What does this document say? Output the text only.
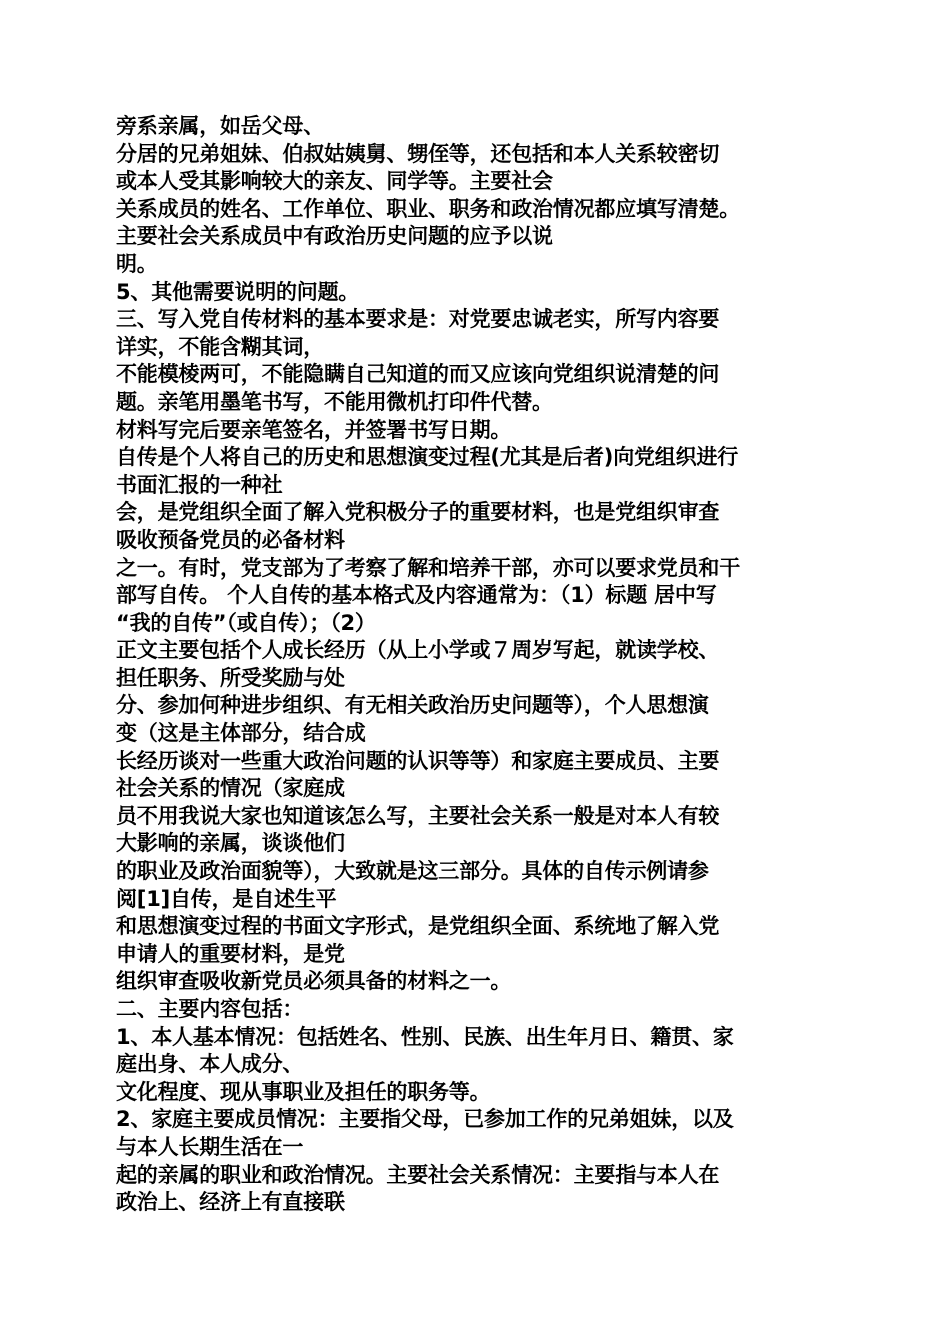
旁系亲属，如岳父母、
分居的兄弟姐妹、伯叔姑姨舅、甥侄等，还包括和本人关系较密切
或本人受其影响较大的亲友、同学等。主要社会
关系成员的姓名、工作单位、职业、职务和政治情况都应填写清楚。
主要社会关系成员中有政治历史问题的应予以说
明。
5、其他需要说明的问题。
三、写入党自传材料的基本要求是：对党要忠诚老实，所写内容要
详实，不能含糊其词，
不能模棱两可，不能隐瞒自己知道的而又应该向党组织说清楚的问
题。亲笔用墨笔书写，不能用微机打印件代替。
材料写完后要亲笔签名，并签署书写日期。
自传是个人将自己的历史和思想演变过程(尤其是后者)向党组织进行
书面汇报的一种社
会，是党组织全面了解入党积极分子的重要材料，也是党组织审查
吸收预备党员的必备材料
之一。有时，党支部为了考察了解和培养干部，亦可以要求党员和干
部写自传。 个人自传的基本格式及内容通常为：（1）标题 居中写
“我的自传”（或自传）；（2）
正文主要包括个人成长经历（从上小学或７周岁写起，就读学校、
担任职务、所受奖励与处
分、参加何种进步组织、有无相关政治历史问题等），个人思想演
变（这是主体部分，结合成
长经历谈对一些重大政治问题的认识等等）和家庭主要成员、主要
社会关系的情况（家庭成
员不用我说大家也知道该怎么写，主要社会关系一般是对本人有较
大影响的亲属，谈谈他们
的职业及政治面貌等），大致就是这三部分。具体的自传示例请参
阅[1]自传，是自述生平
和思想演变过程的书面文字形式，是党组织全面、系统地了解入党
申请人的重要材料，是党
组织审查吸收新党员必须具备的材料之一。
二、主要内容包括：
1、本人基本情况：包括姓名、性别、民族、出生年月日、籍贯、家
庭出身、本人成分、
文化程度、现从事职业及担任的职务等。
2、家庭主要成员情况：主要指父母，已参加工作的兄弟姐妹，以及
与本人长期生活在一
起的亲属的职业和政治情况。主要社会关系情况：主要指与本人在
政治上、经济上有直接联
